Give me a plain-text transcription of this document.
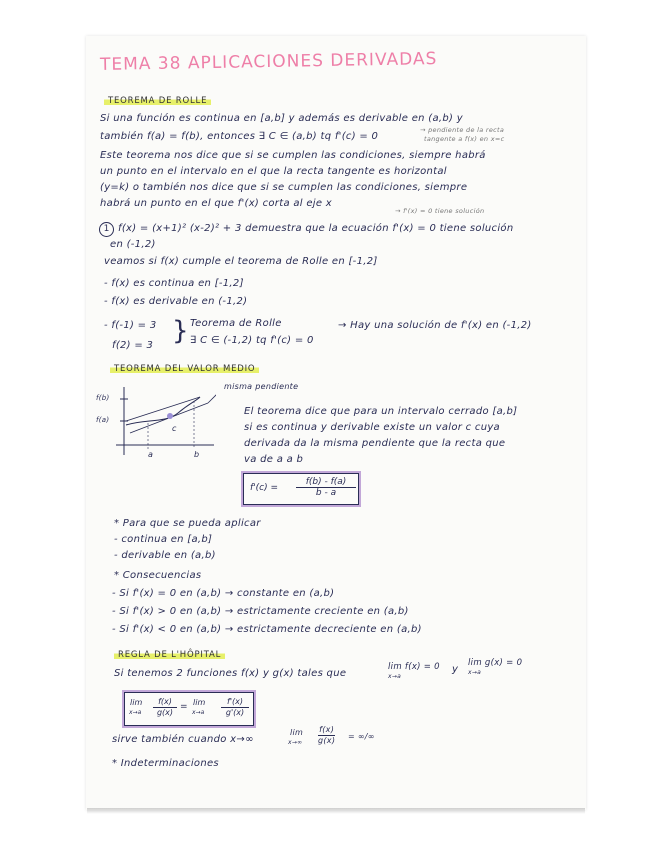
TEMA 38 APLICACIONES DERIVADAS
TEOREMA DE ROLLE
Si una función es continua en [a,b] y además es derivable en (a,b) y
también f(a) = f(b), entonces ∃ C ∈ (a,b) tq f'(c) = 0
→ pendiente de la recta
tangente a f(x) en x=c
Este teorema nos dice que si se cumplen las condiciones, siempre habrá
un punto en el intervalo en el que la recta tangente es horizontal
(y=k) o también nos dice que si se cumplen las condiciones, siempre
habrá un punto en el que f'(x) corta al eje x
→ f'(x) = 0 tiene solución
1 f(x) = (x+1)² (x-2)² + 3 demuestra que la ecuación f'(x) = 0 tiene solución
en (-1,2)
veamos si f(x) cumple el teorema de Rolle en [-1,2]
- f(x) es continua en [-1,2]
- f(x) es derivable en (-1,2)
- f(-1) = 3
f(2) = 3 } Teorema de Rolle
∃ C ∈ (-1,2) tq f'(c) = 0
→ Hay una solución de f'(x) en (-1,2)
TEOREMA DEL VALOR MEDIO
f(b)
f(a)
c
a	b
misma pendiente
El teorema dice que para un intervalo cerrado [a,b]
si es continua y derivable existe un valor c cuya
derivada da la misma pendiente que la recta que
va de a a b
$f'(c) = \frac{f(b) - f(a)}{b - a}$
* Para que se pueda aplicar
- continua en [a,b]
- derivable en (a,b)
* Consecuencias
- Si f'(x) = 0 en (a,b) → constante en (a,b)
- Si f'(x) > 0 en (a,b) → estrictamente creciente en (a,b)
- Si f'(x) < 0 en (a,b) → estrictamente decreciente en (a,b)
REGLA DE L'HÔPITAL
Si tenemos 2 funciones f(x) y g(x) tales que
lim f(x) = 0
x→a
y
lim g(x) = 0
x→a
lim
$x\to a \frac{f(x)}{g(x)} = \lim$
$x\to a \frac{f'(x)}{g'(x)}$
sirve también cuando x→∞
lim
$x\to\infty \frac{f(x)}{g(x)}$ = ∞/∞
* Indeterminaciones
